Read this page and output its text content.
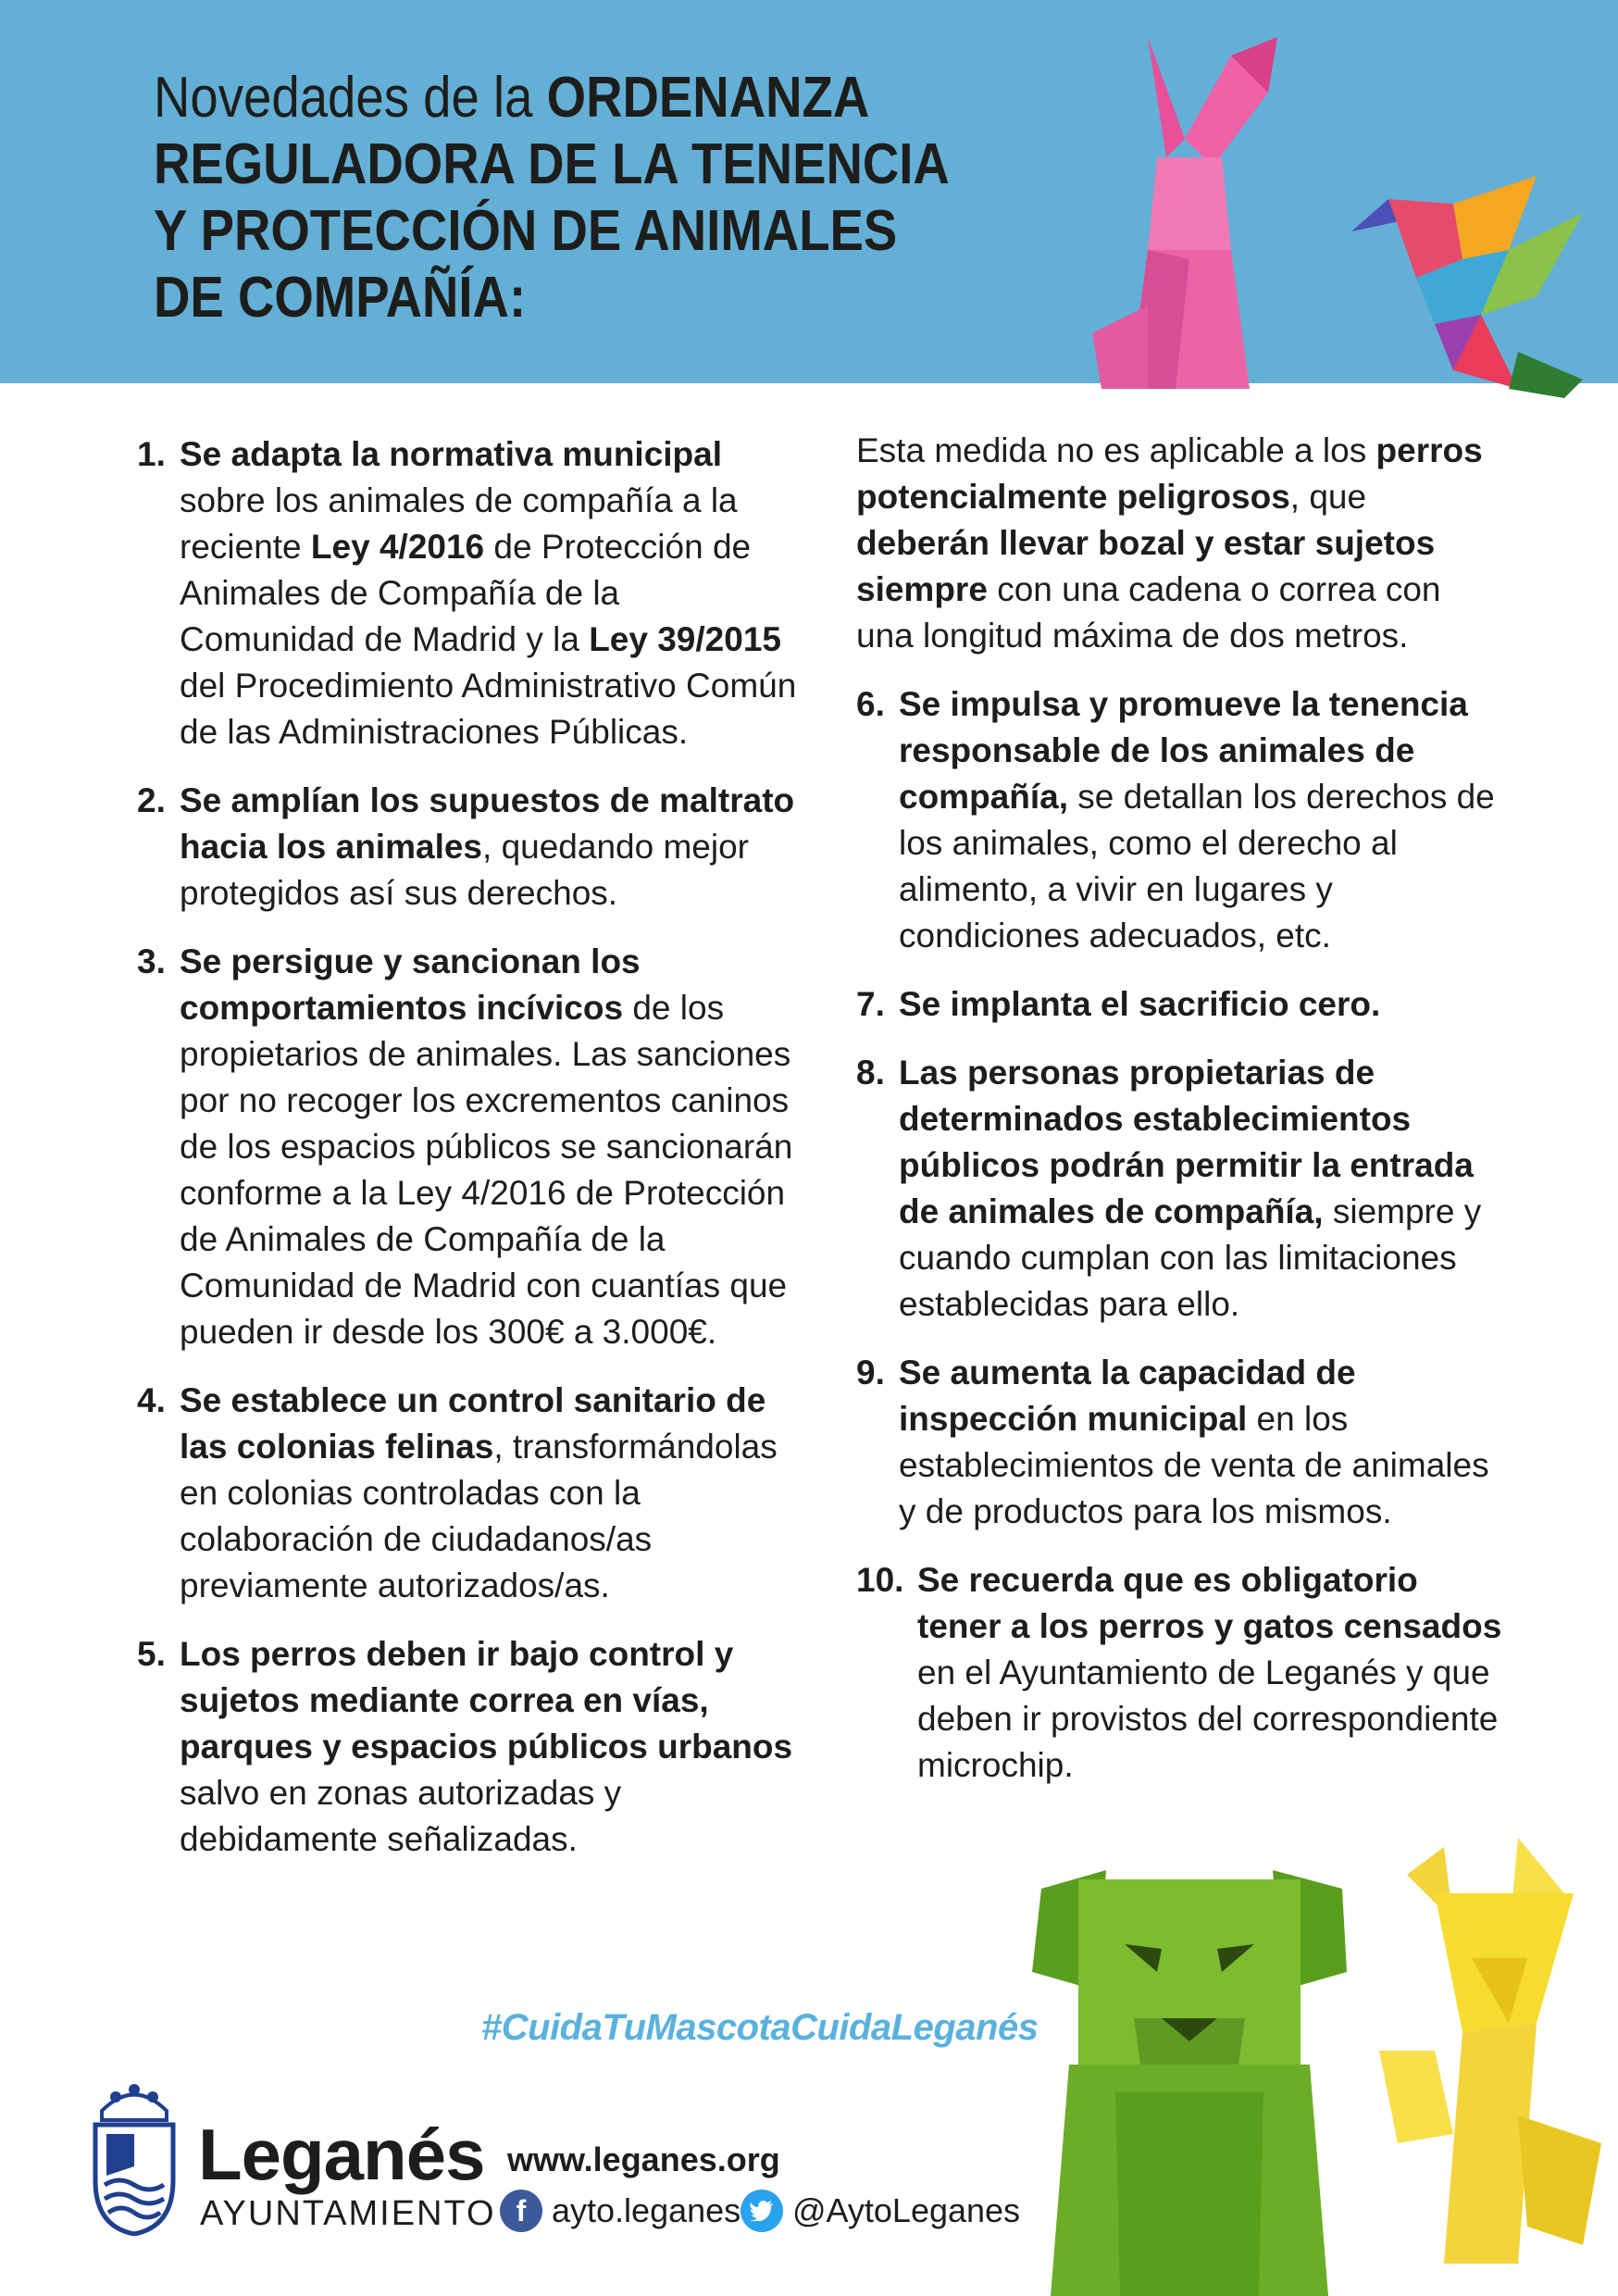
Novedades de la ORDENANZA
REGULADORA DE LA TENENCIA
Y PROTECCIÓN DE ANIMALES
DE COMPAÑÍA:
1. Se adapta la normativa municipal sobre los animales de compañía a la reciente Ley 4/2016 de Protección de Animales de Compañía de la Comunidad de Madrid y la Ley 39/2015 del Procedimiento Administrativo Común de las Administraciones Públicas.
2. Se amplían los supuestos de maltrato hacia los animales, quedando mejor protegidos así sus derechos.
3. Se persigue y sancionan los comportamientos incívicos de los propietarios de animales. Las sanciones por no recoger los excrementos caninos de los espacios públicos se sancionarán conforme a la Ley 4/2016 de Protección de Animales de Compañía de la Comunidad de Madrid con cuantías que pueden ir desde los 300€ a 3.000€.
4. Se establece un control sanitario de las colonias felinas, transformándolas en colonias controladas con la colaboración de ciudadanos/as previamente autorizados/as.
5. Los perros deben ir bajo control y sujetos mediante correa en vías, parques y espacios públicos urbanos salvo en zonas autorizadas y debidamente señalizadas.
Esta medida no es aplicable a los perros potencialmente peligrosos, que deberán llevar bozal y estar sujetos siempre con una cadena o correa con una longitud máxima de dos metros.
6. Se impulsa y promueve la tenencia responsable de los animales de compañía, se detallan los derechos de los animales, como el derecho al alimento, a vivir en lugares y condiciones adecuados, etc.
7. Se implanta el sacrificio cero.
8. Las personas propietarias de determinados establecimientos públicos podrán permitir la entrada de animales de compañía, siempre y cuando cumplan con las limitaciones establecidas para ello.
9. Se aumenta la capacidad de inspección municipal en los establecimientos de venta de animales y de productos para los mismos.
10. Se recuerda que es obligatorio tener a los perros y gatos censados en el Ayuntamiento de Leganés y que deben ir provistos del correspondiente microchip.
#CuidaTuMascotaCuidaLeganés
Leganés
AYUNTAMIENTO
www.leganes.org
f ayto.leganes @AytoLeganes
